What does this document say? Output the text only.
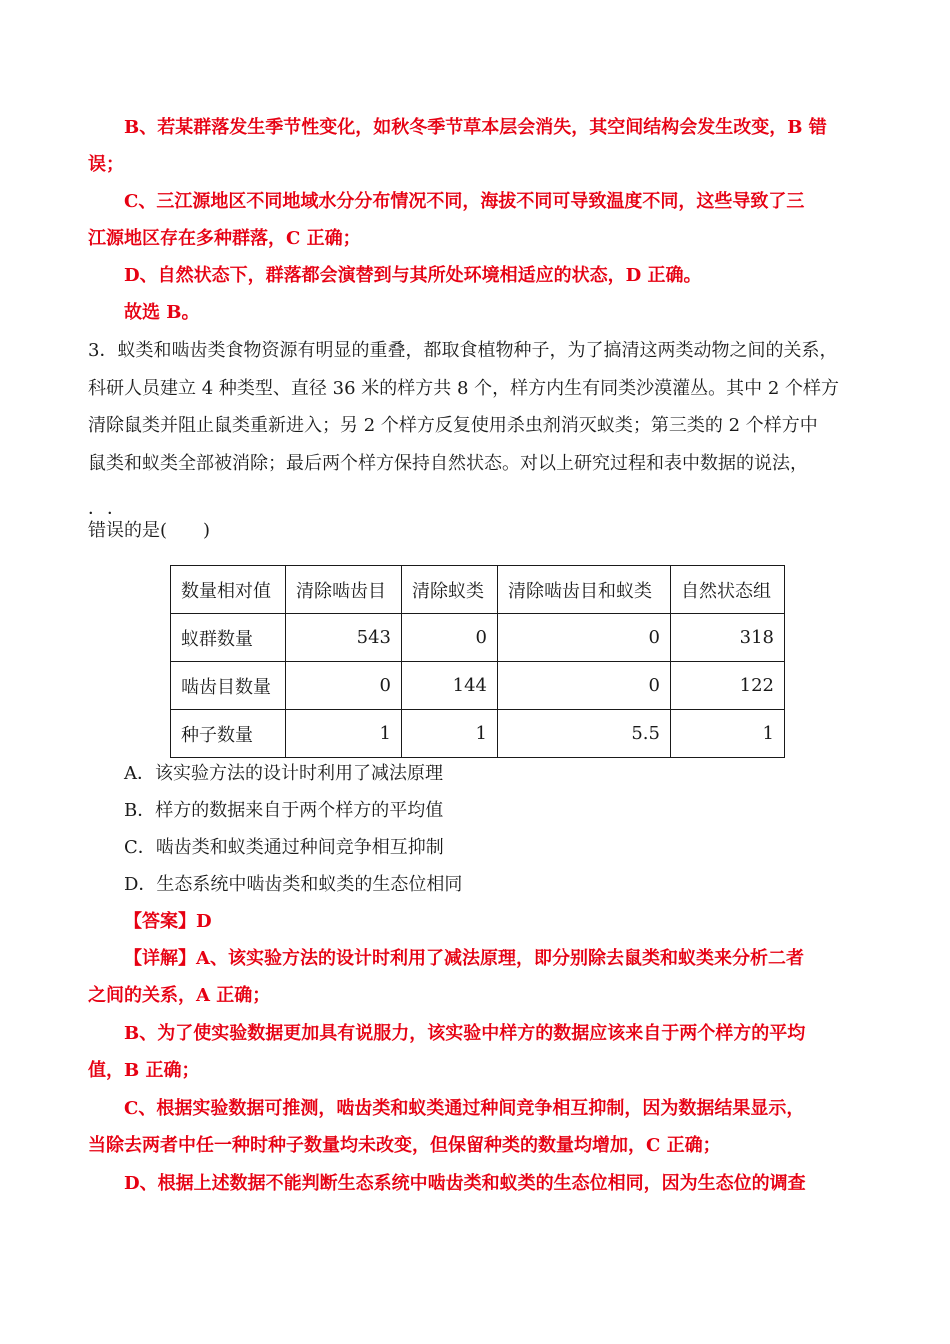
B、若某群落发生季节性变化，如秋冬季节草本层会消失，其空间结构会发生改变，B 错
误；
C、三江源地区不同地域水分分布情况不同，海拔不同可导致温度不同，这些导致了三
江源地区存在多种群落，C 正确；
D、自然状态下，群落都会演替到与其所处环境相适应的状态，D 正确。
故选 B。
3．蚁类和啮齿类食物资源有明显的重叠，都取食植物种子，为了搞清这两类动物之间的关系，
科研人员建立 4 种类型、直径 36 米的样方共 8 个，样方内生有同类沙漠灌丛。其中 2 个样方
清除鼠类并阻止鼠类重新进入；另 2 个样方反复使用杀虫剂消灭蚁类；第三类的 2 个样方中
鼠类和蚁类全部被消除；最后两个样方保持自然状态。对以上研究过程和表中数据的说法，
．．
错误的是(　　)
数量相对值	清除啮齿目	清除蚁类	清除啮齿目和蚁类	自然状态组
蚁群数量	543	0	0	318
啮齿目数量	0	144	0	122
种子数量	1	1	5.5	1
A．该实验方法的设计时利用了减法原理
B．样方的数据来自于两个样方的平均值
C．啮齿类和蚁类通过种间竞争相互抑制
D．生态系统中啮齿类和蚁类的生态位相同
【答案】D
【详解】A、该实验方法的设计时利用了减法原理，即分别除去鼠类和蚁类来分析二者
之间的关系，A 正确；
B、为了使实验数据更加具有说服力，该实验中样方的数据应该来自于两个样方的平均
值，B 正确；
C、根据实验数据可推测，啮齿类和蚁类通过种间竞争相互抑制，因为数据结果显示，
当除去两者中任一种时种子数量均未改变，但保留种类的数量均增加，C 正确；
D、根据上述数据不能判断生态系统中啮齿类和蚁类的生态位相同，因为生态位的调查
